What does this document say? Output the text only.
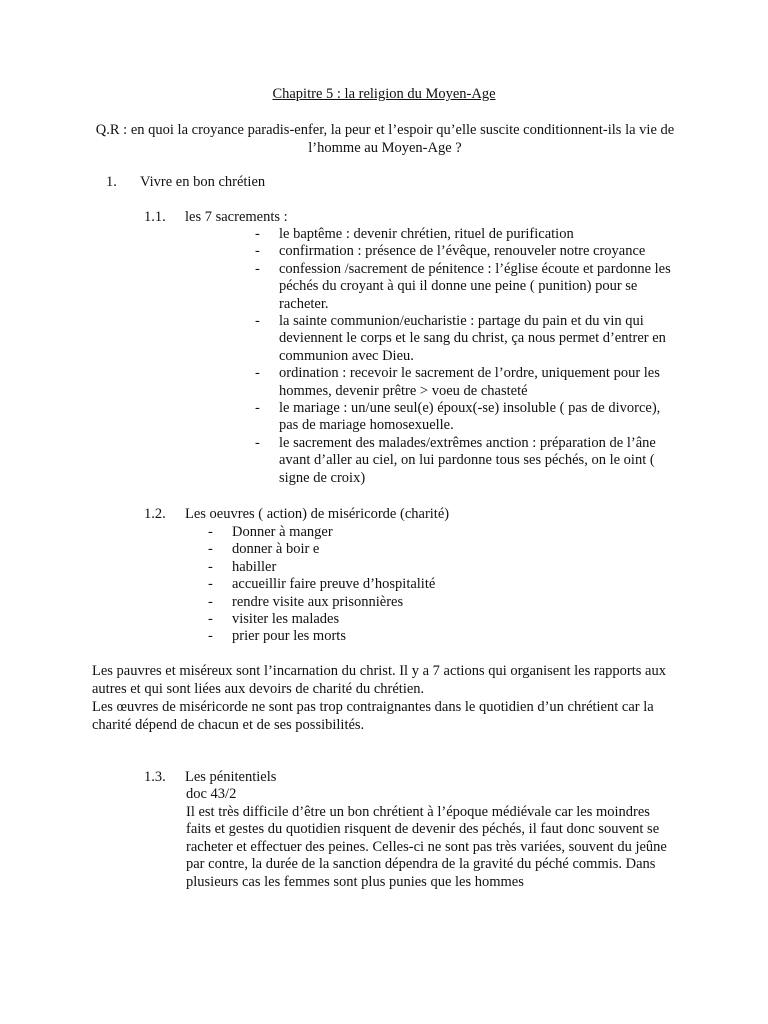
Chapitre 5 : la religion du Moyen-Age
Q.R : en quoi la croyance paradis-enfer, la peur et l’espoir qu’elle suscite conditionnent-ils la vie de l’homme au Moyen-Age ?
1. Vivre en bon chrétien
1.1. les 7 sacrements :
- le baptême : devenir chrétien, rituel de purification
- confirmation : présence de l’évêque, renouveler notre croyance
- confession /sacrement de pénitence : l’église écoute et pardonne les péchés du croyant à qui il donne une peine ( punition) pour se racheter.
- la sainte communion/eucharistie : partage du pain et du vin qui deviennent le corps et le sang du christ, ça nous permet d’entrer en communion avec Dieu.
- ordination : recevoir le sacrement de l’ordre, uniquement pour les hommes, devenir prêtre > voeu de chasteté
- le mariage : un/une seul(e) époux(-se) insoluble ( pas de divorce), pas de mariage homosexuelle.
- le sacrement des malades/extrêmes anction : préparation de l’âne avant d’aller au ciel, on lui pardonne tous ses péchés, on le oint ( signe de croix)
1.2. Les oeuvres ( action) de miséricorde (charité)
- Donner à manger
- donner à boir e
- habiller
- accueillir faire preuve d’hospitalité
- rendre visite aux prisonnières
- visiter les malades
- prier pour les morts
Les pauvres et miséreux sont l’incarnation du christ. Il y a 7 actions qui organisent les rapports aux autres et qui sont liées aux devoirs de charité du chrétien.
Les œuvres de miséricorde ne sont pas trop contraignantes dans le quotidien d’un chrétient car la charité dépend de chacun et de ses possibilités.
1.3. Les pénitentiels
doc 43/2
Il est très difficile d’être un bon chrétient à l’époque médiévale car les moindres faits et gestes du quotidien risquent de devenir des péchés, il faut donc souvent se racheter et effectuer des peines. Celles-ci ne sont pas très variées, souvent du jeûne par contre, la durée de la sanction dépendra de la gravité du péché commis. Dans plusieurs cas les femmes sont plus punies que les hommes
